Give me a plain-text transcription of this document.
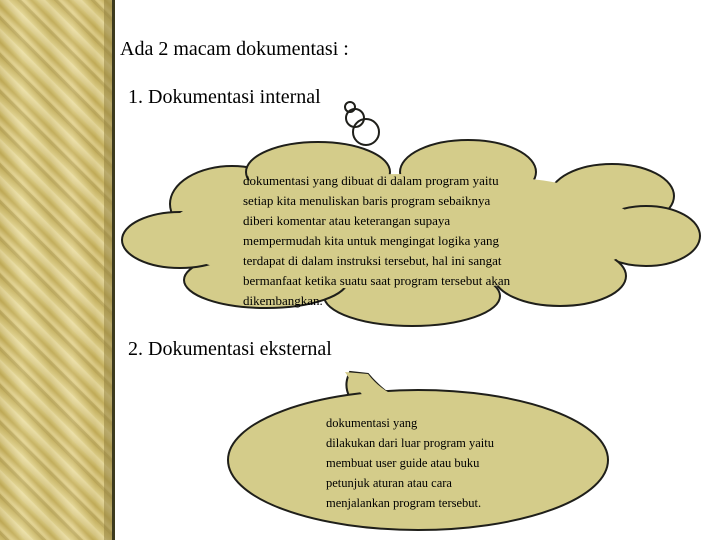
Ada 2 macam dokumentasi :
1. Dokumentasi internal
2. Dokumentasi eksternal
dokumentasi yang dibuat di dalam program yaitu
setiap kita menuliskan baris program sebaiknya
diberi komentar atau keterangan supaya
mempermudah kita untuk mengingat logika yang
terdapat di dalam instruksi tersebut, hal ini sangat
bermanfaat ketika suatu saat program tersebut akan
dikembangkan.
dokumentasi yang
dilakukan dari luar program yaitu
membuat user guide atau buku
petunjuk aturan atau cara
menjalankan program tersebut.
